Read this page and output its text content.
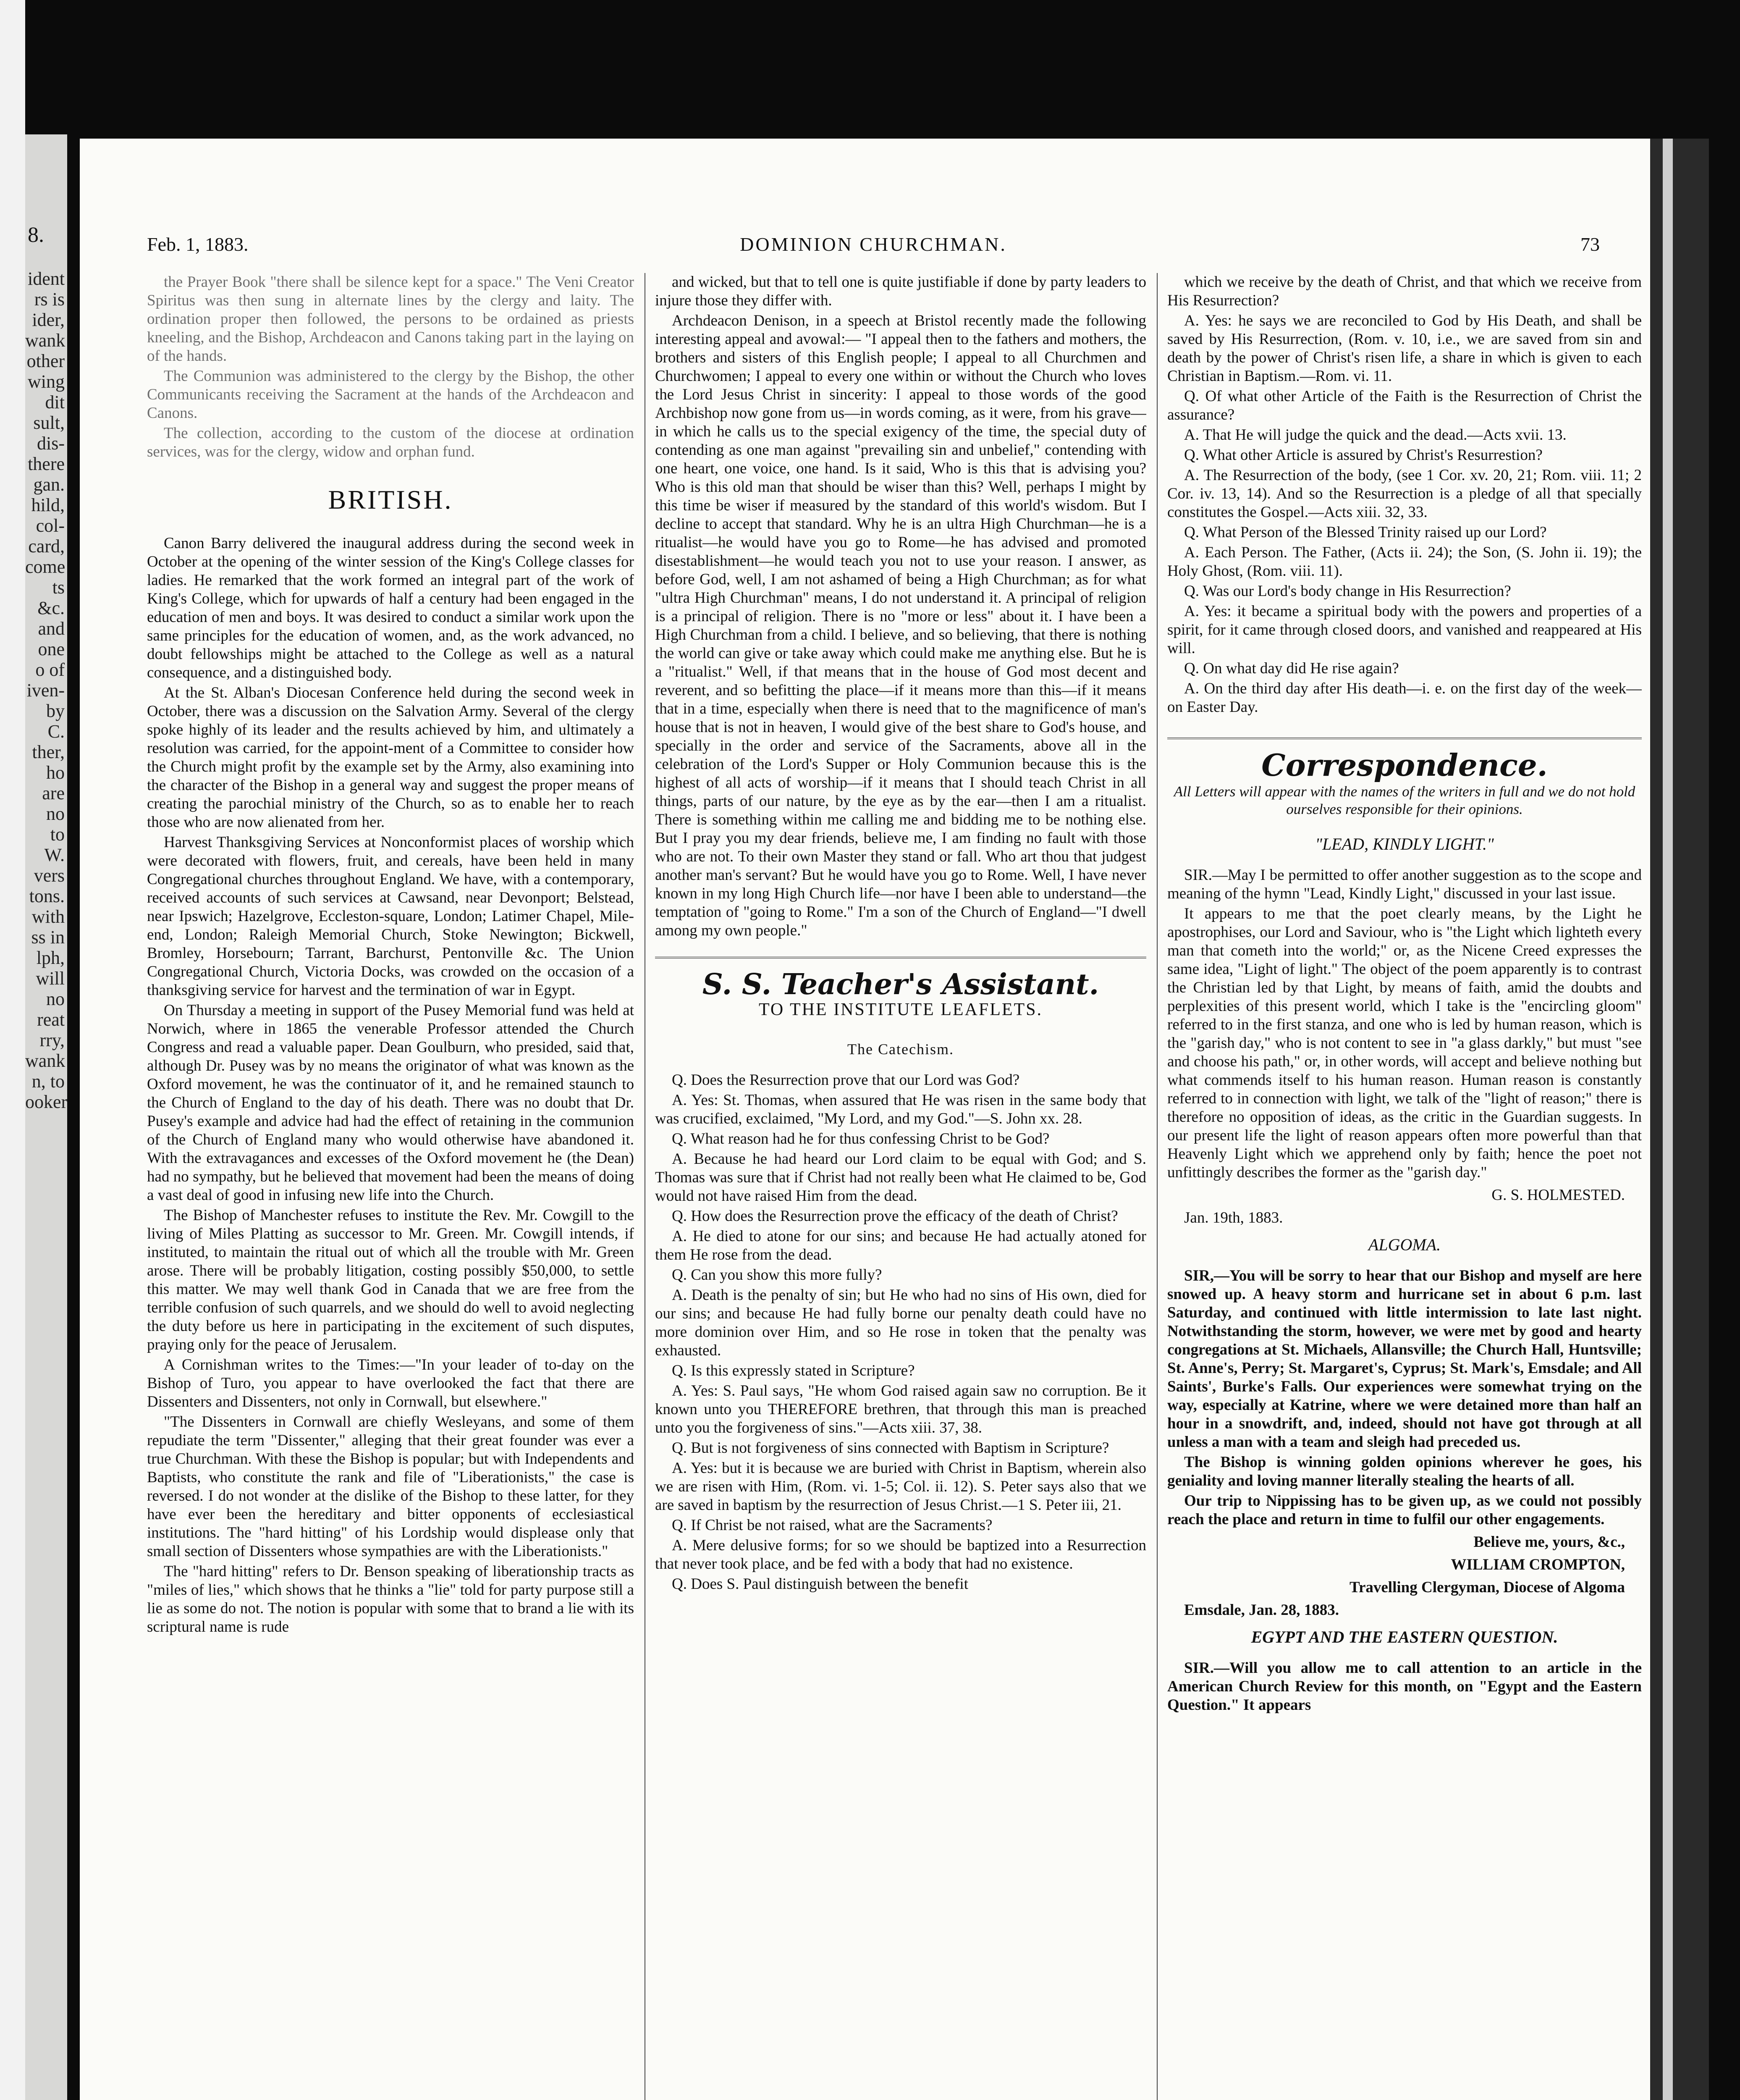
8.
ident
rs is
ider,
wank
other
wing
dit
sult,
dis-
there
gan.
hild,
col-
card,
come
ts &c.
and
one
o of
iven-
by C.
ther,
ho are
no
to
W.
vers
tons.
with
ss in
lph,
will
no
reat
rry,
wank
n, to
ooker
Feb. 1, 1883.	DOMINION CHURCHMAN.	73

the Prayer Book "there shall be silence kept for a space." The Veni Creator Spiritus was then sung in alternate lines by the clergy and laity. The ordination proper then followed, the persons to be ordained as priests kneeling, and the Bishop, Archdeacon and Canons taking part in the laying on of the hands.

The Communion was administered to the clergy by the Bishop, the other Communicants receiving the Sacrament at the hands of the Archdeacon and Canons.

The collection, according to the custom of the diocese at ordination services, was for the clergy, widow and orphan fund.

BRITISH.

Canon Barry delivered the inaugural address during the second week in October at the opening of the winter session of the King's College classes for ladies. He remarked that the work formed an integral part of the work of King's College, which for upwards of half a century had been engaged in the education of men and boys. It was desired to conduct a similar work upon the same principles for the education of women, and, as the work advanced, no doubt fellowships might be attached to the College as well as a natural consequence, and a distinguished body.

At the St. Alban's Diocesan Conference held during the second week in October, there was a discussion on the Salvation Army. Several of the clergy spoke highly of its leader and the results achieved by him, and ultimately a resolution was carried, for the appoint-ment of a Committee to consider how the Church might profit by the example set by the Army, also examining into the character of the Bishop in a general way and suggest the proper means of creating the parochial ministry of the Church, so as to enable her to reach those who are now alienated from her.

Harvest Thanksgiving Services at Nonconformist places of worship which were decorated with flowers, fruit, and cereals, have been held in many Congregational churches throughout England. We have, with a contemporary, received accounts of such services at Cawsand, near Devonport; Belstead, near Ipswich; Hazelgrove, Eccleston-square, London; Latimer Chapel, Mile-end, London; Raleigh Memorial Church, Stoke Newington; Bickwell, Bromley, Horsebourn; Tarrant, Barchurst, Pentonville &c. The Union Congregational Church, Victoria Docks, was crowded on the occasion of a thanksgiving service for harvest and the termination of war in Egypt.

On Thursday a meeting in support of the Pusey Memorial fund was held at Norwich, where in 1865 the venerable Professor attended the Church Congress and read a valuable paper. Dean Goulburn, who presided, said that, although Dr. Pusey was by no means the originator of what was known as the Oxford movement, he was the continuator of it, and he remained staunch to the Church of England to the day of his death. There was no doubt that Dr. Pusey's example and advice had had the effect of retaining in the communion of the Church of England many who would otherwise have abandoned it. With the extravagances and excesses of the Oxford movement he (the Dean) had no sympathy, but he believed that movement had been the means of doing a vast deal of good in infusing new life into the Church.

The Bishop of Manchester refuses to institute the Rev. Mr. Cowgill to the living of Miles Platting as successor to Mr. Green. Mr. Cowgill intends, if instituted, to maintain the ritual out of which all the trouble with Mr. Green arose. There will be probably litigation, costing possibly $50,000, to settle this matter. We may well thank God in Canada that we are free from the terrible confusion of such quarrels, and we should do well to avoid neglecting the duty before us here in participating in the excitement of such disputes, praying only for the peace of Jerusalem.

A Cornishman writes to the Times:—"In your leader of to-day on the Bishop of Turo, you appear to have overlooked the fact that there are Dissenters and Dissenters, not only in Cornwall, but elsewhere."

"The Dissenters in Cornwall are chiefly Wesleyans, and some of them repudiate the term "Dissenter," alleging that their great founder was ever a true Churchman. With these the Bishop is popular; but with Independents and Baptists, who constitute the rank and file of "Liberationists," the case is reversed. I do not wonder at the dislike of the Bishop to these latter, for they have ever been the hereditary and bitter opponents of ecclesiastical institutions. The "hard hitting" of his Lordship would displease only that small section of Dissenters whose sympathies are with the Liberationists."

The "hard hitting" refers to Dr. Benson speaking of liberationship tracts as "miles of lies," which shows that he thinks a "lie" told for party purpose still a lie as some do not. The notion is popular with some that to brand a lie with its scriptural name is rude

and wicked, but that to tell one is quite justifiable if done by party leaders to injure those they differ with.

Archdeacon Denison, in a speech at Bristol recently made the following interesting appeal and avowal:— "I appeal then to the fathers and mothers, the brothers and sisters of this English people; I appeal to all Churchmen and Churchwomen; I appeal to every one within or without the Church who loves the Lord Jesus Christ in sincerity: I appeal to those words of the good Archbishop now gone from us—in words coming, as it were, from his grave—in which he calls us to the special exigency of the time, the special duty of contending as one man against "prevailing sin and unbelief," contending with one heart, one voice, one hand. Is it said, Who is this that is advising you? Who is this old man that should be wiser than this? Well, perhaps I might by this time be wiser if measured by the standard of this world's wisdom. But I decline to accept that standard. Why he is an ultra High Churchman—he is a ritualist—he would have you go to Rome—he has advised and promoted disestablishment—he would teach you not to use your reason. I answer, as before God, well, I am not ashamed of being a High Churchman; as for what "ultra High Churchman" means, I do not understand it. A principal of religion is a principal of religion. There is no "more or less" about it. I have been a High Churchman from a child. I believe, and so believing, that there is nothing the world can give or take away which could make me anything else. But he is a "ritualist." Well, if that means that in the house of God most decent and reverent, and so befitting the place—if it means more than this—if it means that in a time, especially when there is need that to the magnificence of man's house that is not in heaven, I would give of the best share to God's house, and specially in the order and service of the Sacraments, above all in the celebration of the Lord's Supper or Holy Communion because this is the highest of all acts of worship—if it means that I should teach Christ in all things, parts of our nature, by the eye as by the ear—then I am a ritualist. There is something within me calling me and bidding me to be nothing else. But I pray you my dear friends, believe me, I am finding no fault with those who are not. To their own Master they stand or fall. Who art thou that judgest another man's servant? But he would have you go to Rome. Well, I have never known in my long High Church life—nor have I been able to understand—the temptation of "going to Rome." I'm a son of the Church of England—"I dwell among my own people."

S. S. Teacher's Assistant.
TO THE INSTITUTE LEAFLETS.
The Catechism.

Q. Does the Resurrection prove that our Lord was God?

A. Yes: St. Thomas, when assured that He was risen in the same body that was crucified, exclaimed, "My Lord, and my God."—S. John xx. 28.

Q. What reason had he for thus confessing Christ to be God?

A. Because he had heard our Lord claim to be equal with God; and S. Thomas was sure that if Christ had not really been what He claimed to be, God would not have raised Him from the dead.

Q. How does the Resurrection prove the efficacy of the death of Christ?

A. He died to atone for our sins; and because He had actually atoned for them He rose from the dead.

Q. Can you show this more fully?

A. Death is the penalty of sin; but He who had no sins of His own, died for our sins; and because He had fully borne our penalty death could have no more dominion over Him, and so He rose in token that the penalty was exhausted.

Q. Is this expressly stated in Scripture?

A. Yes: S. Paul says, "He whom God raised again saw no corruption. Be it known unto you THEREFORE brethren, that through this man is preached unto you the forgiveness of sins."—Acts xiii. 37, 38.

Q. But is not forgiveness of sins connected with Baptism in Scripture?

A. Yes: but it is because we are buried with Christ in Baptism, wherein also we are risen with Him, (Rom. vi. 1-5; Col. ii. 12). S. Peter says also that we are saved in baptism by the resurrection of Jesus Christ.—1 S. Peter iii, 21.

Q. If Christ be not raised, what are the Sacraments?

A. Mere delusive forms; for so we should be baptized into a Resurrection that never took place, and be fed with a body that had no existence.

Q. Does S. Paul distinguish between the benefit

which we receive by the death of Christ, and that which we receive from His Resurrection?

A. Yes: he says we are reconciled to God by His Death, and shall be saved by His Resurrection, (Rom. v. 10, i.e., we are saved from sin and death by the power of Christ's risen life, a share in which is given to each Christian in Baptism.—Rom. vi. 11.

Q. Of what other Article of the Faith is the Resurrection of Christ the assurance?

A. That He will judge the quick and the dead.—Acts xvii. 13.

Q. What other Article is assured by Christ's Resurrestion?

A. The Resurrection of the body, (see 1 Cor. xv. 20, 21; Rom. viii. 11; 2 Cor. iv. 13, 14). And so the Resurrection is a pledge of all that specially constitutes the Gospel.—Acts xiii. 32, 33.

Q. What Person of the Blessed Trinity raised up our Lord?

A. Each Person. The Father, (Acts ii. 24); the Son, (S. John ii. 19); the Holy Ghost, (Rom. viii. 11).

Q. Was our Lord's body change in His Resurrection?

A. Yes: it became a spiritual body with the powers and properties of a spirit, for it came through closed doors, and vanished and reappeared at His will.

Q. On what day did He rise again?

A. On the third day after His death—i. e. on the first day of the week—on Easter Day.

Correspondence.
All Letters will appear with the names of the writers in full and we do not hold ourselves responsible for their opinions.
"LEAD, KINDLY LIGHT."

SIR.—May I be permitted to offer another suggestion as to the scope and meaning of the hymn "Lead, Kindly Light," discussed in your last issue.

It appears to me that the poet clearly means, by the Light he apostrophises, our Lord and Saviour, who is "the Light which lighteth every man that cometh into the world;" or, as the Nicene Creed expresses the same idea, "Light of light." The object of the poem apparently is to contrast the Christian led by that Light, by means of faith, amid the doubts and perplexities of this present world, which I take is the "encircling gloom" referred to in the first stanza, and one who is led by human reason, which is the "garish day," who is not content to see in "a glass darkly," but must "see and choose his path," or, in other words, will accept and believe nothing but what commends itself to his human reason. Human reason is constantly referred to in connection with light, we talk of the "light of reason;" there is therefore no opposition of ideas, as the critic in the Guardian suggests. In our present life the light of reason appears often more powerful than that Heavenly Light which we apprehend only by faith; hence the poet not unfittingly describes the former as the "garish day."

G. S. HOLMESTED.
Jan. 19th, 1883.
ALGOMA.

SIR,—You will be sorry to hear that our Bishop and myself are here snowed up. A heavy storm and hurricane set in about 6 p.m. last Saturday, and continued with little intermission to late last night. Notwithstanding the storm, however, we were met by good and hearty congregations at St. Michaels, Allansville; the Church Hall, Huntsville; St. Anne's, Perry; St. Margaret's, Cyprus; St. Mark's, Emsdale; and All Saints', Burke's Falls. Our experiences were somewhat trying on the way, especially at Katrine, where we were detained more than half an hour in a snowdrift, and, indeed, should not have got through at all unless a man with a team and sleigh had preceded us.

The Bishop is winning golden opinions wherever he goes, his geniality and loving manner literally stealing the hearts of all.

Our trip to Nippissing has to be given up, as we could not possibly reach the place and return in time to fulfil our other engagements.

Believe me, yours, &c.,
WILLIAM CROMPTON,
Travelling Clergyman, Diocese of Algoma
Emsdale, Jan. 28, 1883.
EGYPT AND THE EASTERN QUESTION.

SIR.—Will you allow me to call attention to an article in the American Church Review for this month, on "Egypt and the Eastern Question." It appears
